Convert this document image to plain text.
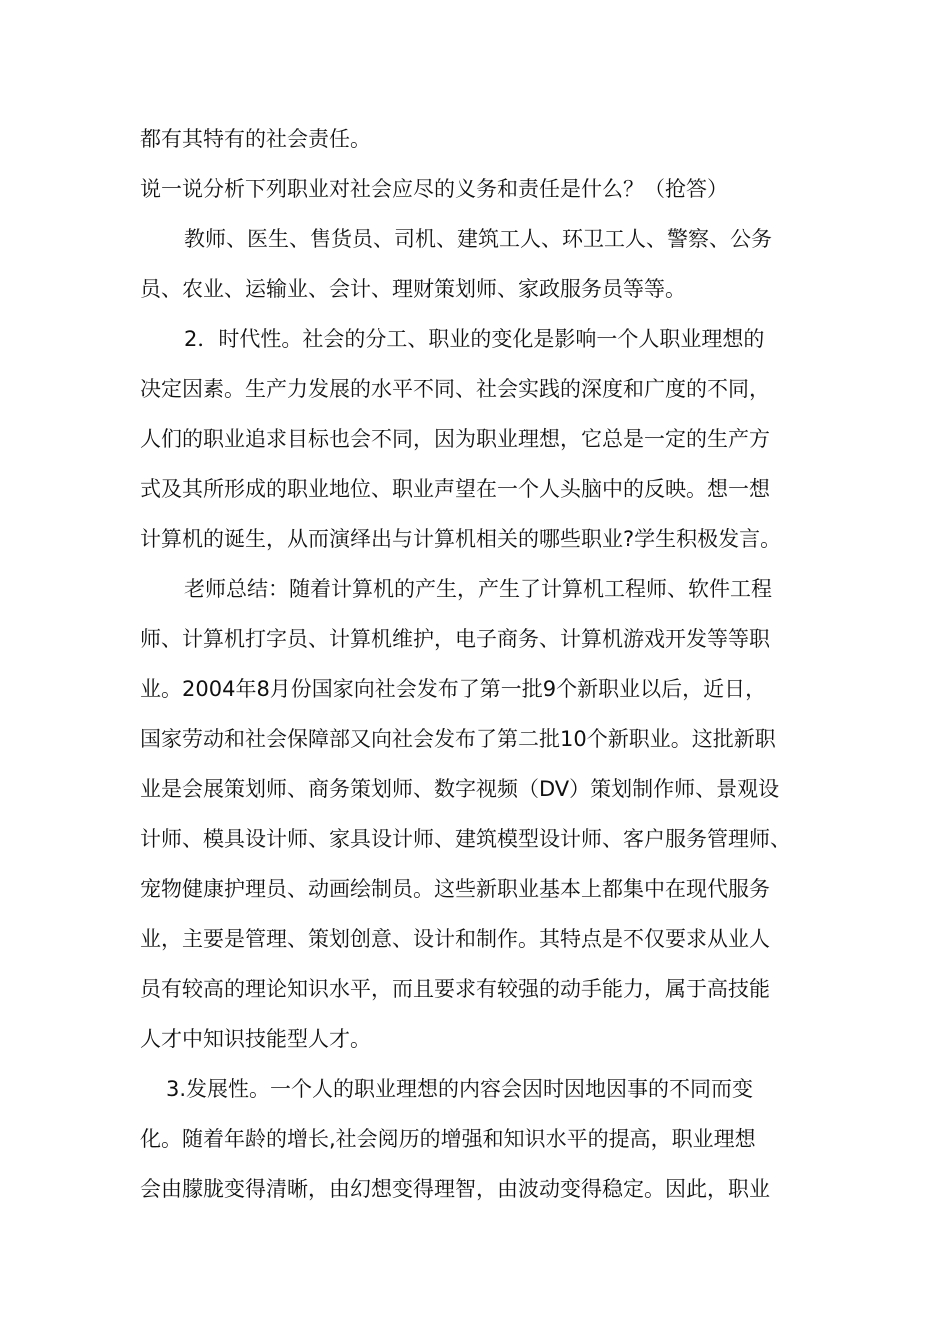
都有其特有的社会责任。
说一说分析下列职业对社会应尽的义务和责任是什么？（抢答）
教师、医生、售货员、司机、建筑工人、环卫工人、警察、公务
员、农业、运输业、会计、理财策划师、家政服务员等等。
2．时代性。社会的分工、职业的变化是影响一个人职业理想的
决定因素。生产力发展的水平不同、社会实践的深度和广度的不同，
人们的职业追求目标也会不同，因为职业理想，它总是一定的生产方
式及其所形成的职业地位、职业声望在一个人头脑中的反映。想一想
计算机的诞生，从而演绎出与计算机相关的哪些职业?学生积极发言。
老师总结：随着计算机的产生，产生了计算机工程师、软件工程
师、计算机打字员、计算机维护，电子商务、计算机游戏开发等等职
业。2004年8月份国家向社会发布了第一批9个新职业以后，近日，
国家劳动和社会保障部又向社会发布了第二批10个新职业。这批新职
业是会展策划师、商务策划师、数字视频（DV）策划制作师、景观设
计师、模具设计师、家具设计师、建筑模型设计师、客户服务管理师、
宠物健康护理员、动画绘制员。这些新职业基本上都集中在现代服务
业，主要是管理、策划创意、设计和制作。其特点是不仅要求从业人
员有较高的理论知识水平，而且要求有较强的动手能力，属于高技能
人才中知识技能型人才。
3.发展性。一个人的职业理想的内容会因时因地因事的不同而变
化。随着年龄的增长,社会阅历的增强和知识水平的提高，职业理想
会由朦胧变得清晰，由幻想变得理智，由波动变得稳定。因此，职业
